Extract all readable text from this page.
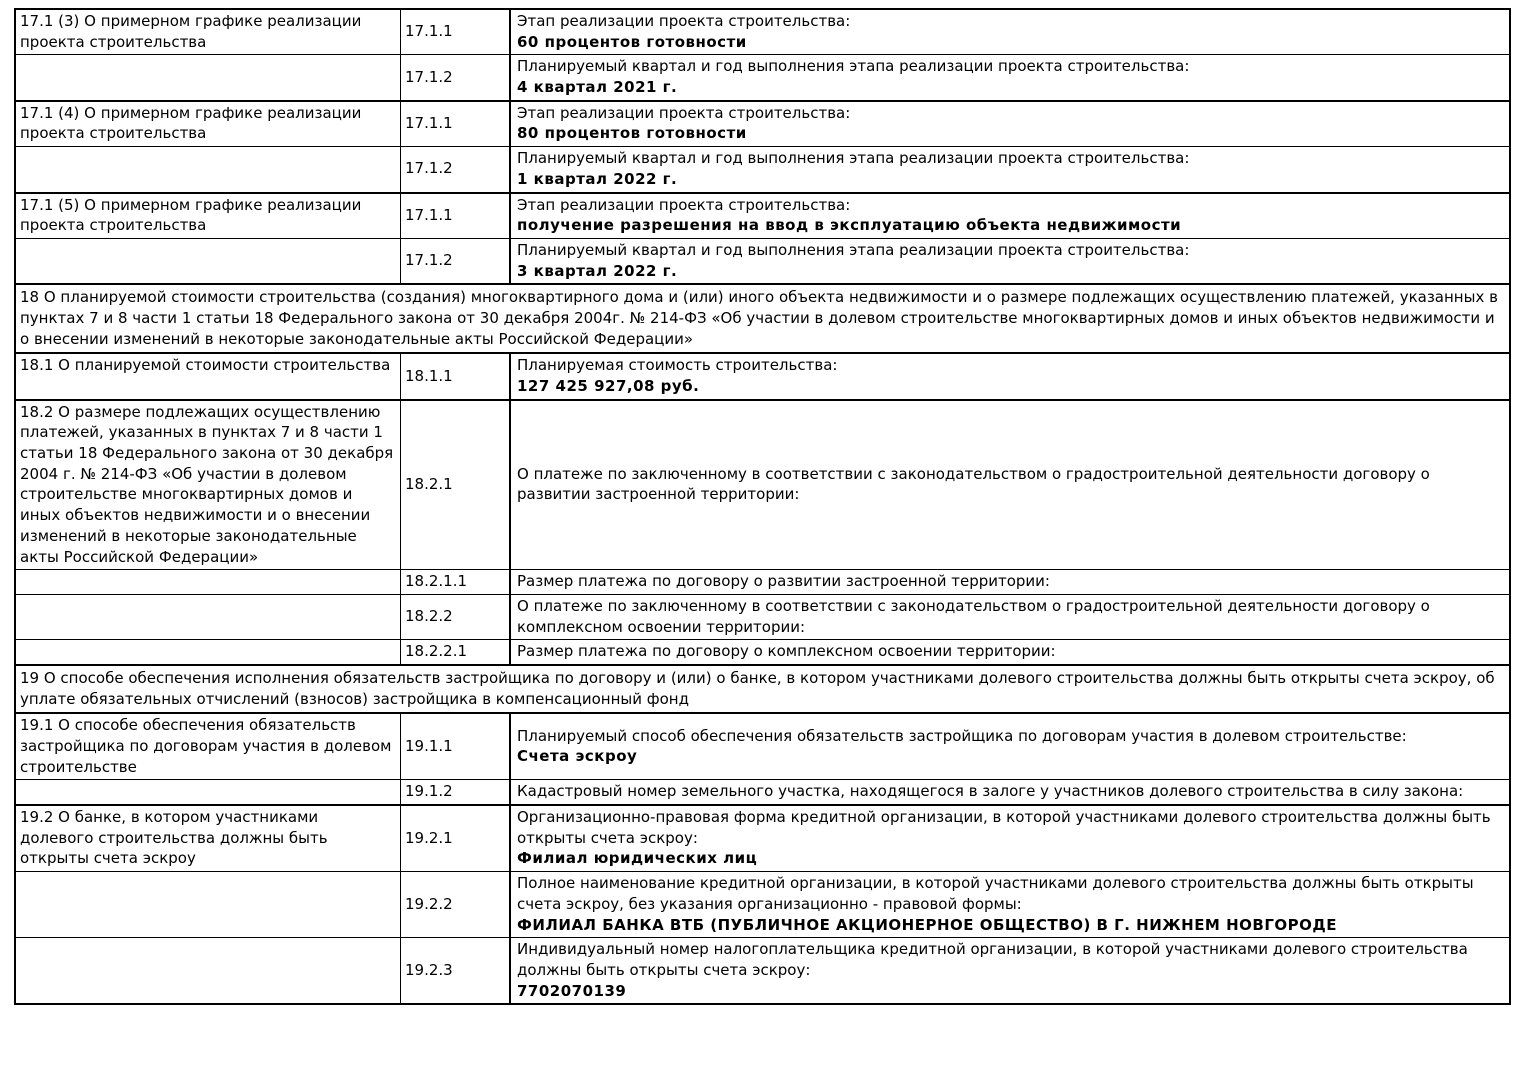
17.1 (3) О примерном графике реализации проекта строительства	17.1.1	Этап реализации проекта строительства:
60 процентов готовности

	17.1.2	Планируемый квартал и год выполнения этапа реализации проекта строительства:
4 квартал 2021 г.

17.1 (4) О примерном графике реализации проекта строительства	17.1.1	Этап реализации проекта строительства:
80 процентов готовности

	17.1.2	Планируемый квартал и год выполнения этапа реализации проекта строительства:
1 квартал 2022 г.

17.1 (5) О примерном графике реализации проекта строительства	17.1.1	Этап реализации проекта строительства:
получение разрешения на ввод в эксплуатацию объекта недвижимости

	17.1.2	Планируемый квартал и год выполнения этапа реализации проекта строительства:
3 квартал 2022 г.

18 О планируемой стоимости строительства (создания) многоквартирного дома и (или) иного объекта недвижимости и о размере подлежащих осуществлению платежей, указанных в пунктах 7 и 8 части 1 статьи 18 Федерального закона от 30 декабря 2004г. № 214-ФЗ «Об участии в долевом строительстве многоквартирных домов и иных объектов недвижимости и о внесении изменений в некоторые законодательные акты Российской Федерации»		
18.1 О планируемой стоимости строительства	18.1.1	Планируемая стоимость строительства:
127 425 927,08 руб.

18.2 О размере подлежащих осуществлению платежей, указанных в пунктах 7 и 8 части 1 статьи 18 Федерального закона от 30 декабря 2004 г. № 214-ФЗ «Об участии в долевом строительстве многоквартирных домов и иных объектов недвижимости и о внесении изменений в некоторые законодательные акты Российской Федерации»	18.2.1	О платеже по заключенному в соответствии с законодательством о градостроительной деятельности договору о развитии застроенной территории:

	18.2.1.1	Размер платежа по договору о развитии застроенной территории:

	18.2.2	О платеже по заключенному в соответствии с законодательством о градостроительной деятельности договору о комплексном освоении территории:

	18.2.2.1	Размер платежа по договору о комплексном освоении территории:

19 О способе обеспечения исполнения обязательств застройщика по договору и (или) о банке, в котором участниками долевого строительства должны быть открыты счета эскроу, об уплате обязательных отчислений (взносов) застройщика в компенсационный фонд		
19.1 О способе обеспечения обязательств застройщика по договорам участия в долевом строительстве	19.1.1	Планируемый способ обеспечения обязательств застройщика по договорам участия в долевом строительстве:
Счета эскроу

	19.1.2	Кадастровый номер земельного участка, находящегося в залоге у участников долевого строительства в силу закона:

19.2 О банке, в котором участниками долевого строительства должны быть открыты счета эскроу	19.2.1	Организационно-правовая форма кредитной организации, в которой участниками долевого строительства должны быть открыты счета эскроу:
Филиал юридических лиц

	19.2.2	Полное наименование кредитной организации, в которой участниками долевого строительства должны быть открыты счета эскроу, без указания организационно - правовой формы:
ФИЛИАЛ БАНКА ВТБ (ПУБЛИЧНОЕ АКЦИОНЕРНОЕ ОБЩЕСТВО) В Г. НИЖНЕМ НОВГОРОДЕ

	19.2.3	Индивидуальный номер налогоплательщика кредитной организации, в которой участниками долевого строительства должны быть открыты счета эскроу:
7702070139
